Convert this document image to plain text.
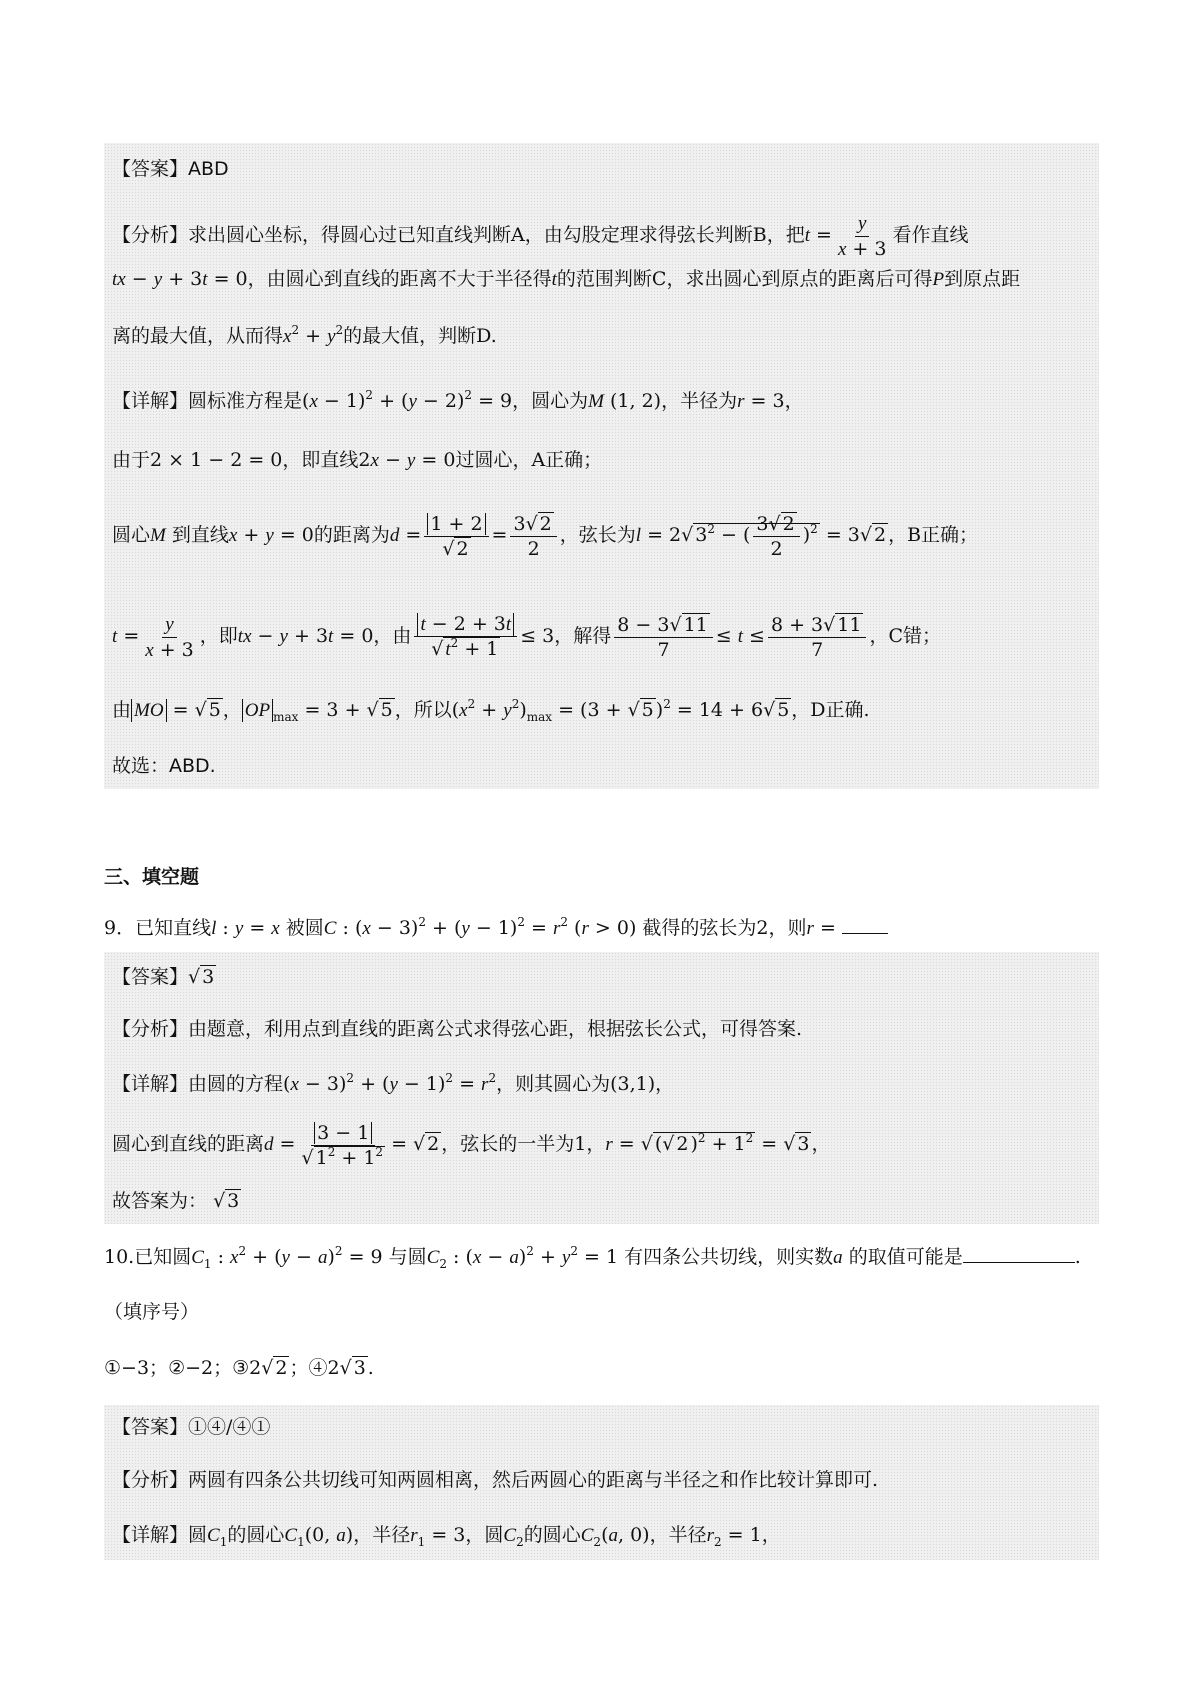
【答案】ABD
【分析】求出圆心坐标，得圆心过已知直线判断A，由勾股定理求得弦长判断B，把$t = \frac{y}{x + 3}$ 看作直线
tx − y + 3t = 0，由圆心到直线的距离不大于半径得t的范围判断C，求出圆心到原点的距离后可得P到原点距
离的最大值，从而得$x^2 + y^2$的最大值，判断D.
【详解】圆标准方程是$(x - 1)^2 + (y - 2)^2 = 9$，圆心为M (1, 2)，半径为r = 3，
由于2 × 1 − 2 = 0，即直线2x − y = 0过圆心，A正确；
圆心M 到直线x + y = 0的距离为$d = \frac{1 + 2}{√ 2} = \frac{3√ 2}{2}$ ，弦长为l = 2√ $3^2$ − ( $\frac{3√ 2}{2} )^2 = 3√$ 2 ，B正确；
$t = \frac{y}{x + 3}$ ，即tx − y + 3t = 0，由 $\frac{t - 2 + 3t}{√ t^2 + 1} \le 3$，解得 $\frac{8 - 3√ 11}{7} \le t \le \frac{8 + 3√ 11}{7}$ ，C错；
由 MO = √ 5 ， OP $_{max}$ = 3 + √ 5 ，所以$(x^2 + y^2)_{max} = (3$ + √ 5 )$^2$ = 14 + 6√ 5 ，D正确.
故选：ABD.
三、填空题
9．已知直线l : y = x 被圆C : $(x - 3)^2 + (y - 1)^2 = r^2$ (r > 0) 截得的弦长为2，则r =
【答案】√ 3
【分析】由题意，利用点到直线的距离公式求得弦心距，根据弦长公式，可得答案.
【详解】由圆的方程$(x - 3)^2 + (y - 1)^2 = r^2$，则其圆心为(3,1)，
圆心到直线的距离$d = \frac{3 - 1}{√ 1^2 + 1^2}$ = √ 2 ，弦长的一半为1，r = √ (√ 2 )$^2 + 1^2$ = √ 3 ，
故答案为： √ 3
10.已知圆$C_1$ : $x^2 + (y - a)^2 = 9$ 与圆$C_2$ : $(x - a)^2 + y^2 = 1$ 有四条公共切线，则实数a 的取值可能是	.
（填序号）
①−3；②−2；③2√ 2 ；④2√ 3 .
【答案】①④/④①
【分析】两圆有四条公共切线可知两圆相离，然后两圆心的距离与半径之和作比较计算即可.
【详解】圆$C_1$的圆心$C_1(0$, a)，半径$r_1 = 3$，圆$C_2$的圆心$C_2(a$, 0)，半径$r_2 = 1$，
